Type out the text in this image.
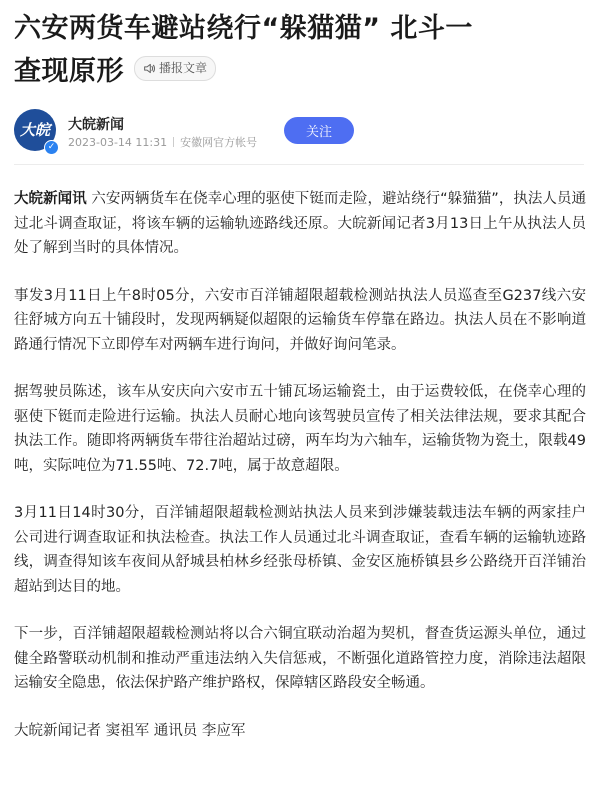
六安两货车避站绕行“躲猫猫” 北斗一
查现原形	播报文章
大皖
✓
大皖新闻
2023-03-14 11:31 安徽网官方帐号
关注

大皖新闻讯 六安两辆货车在侥幸心理的驱使下铤而走险，避站绕行“躲猫猫”，执法人员通过北斗调查取证，将该车辆的运输轨迹路线还原。大皖新闻记者3月13日上午从执法人员处了解到当时的具体情况。

事发3月11日上午8时05分，六安市百洋铺超限超载检测站执法人员巡查至G237线六安往舒城方向五十铺段时，发现两辆疑似超限的运输货车停靠在路边。执法人员在不影响道路通行情况下立即停车对两辆车进行询问，并做好询问笔录。

据驾驶员陈述，该车从安庆向六安市五十铺瓦场运输瓷土，由于运费较低，在侥幸心理的驱使下铤而走险进行运输。执法人员耐心地向该驾驶员宣传了相关法律法规，要求其配合执法工作。随即将两辆货车带往治超站过磅，两车均为六轴车，运输货物为瓷土，限载49吨，实际吨位为71.55吨、72.7吨，属于故意超限。

3月11日14时30分，百洋铺超限超载检测站执法人员来到涉嫌装载违法车辆的两家挂户公司进行调查取证和执法检查。执法工作人员通过北斗调查取证，查看车辆的运输轨迹路线，调查得知该车夜间从舒城县柏林乡经张母桥镇、金安区施桥镇县乡公路绕开百洋铺治超站到达目的地。

下一步，百洋铺超限超载检测站将以合六铜宜联动治超为契机，督查货运源头单位，通过健全路警联动机制和推动严重违法纳入失信惩戒，不断强化道路管控力度，消除违法超限运输安全隐患，依法保护路产维护路权，保障辖区路段安全畅通。

大皖新闻记者 窦祖军 通讯员 李应军
